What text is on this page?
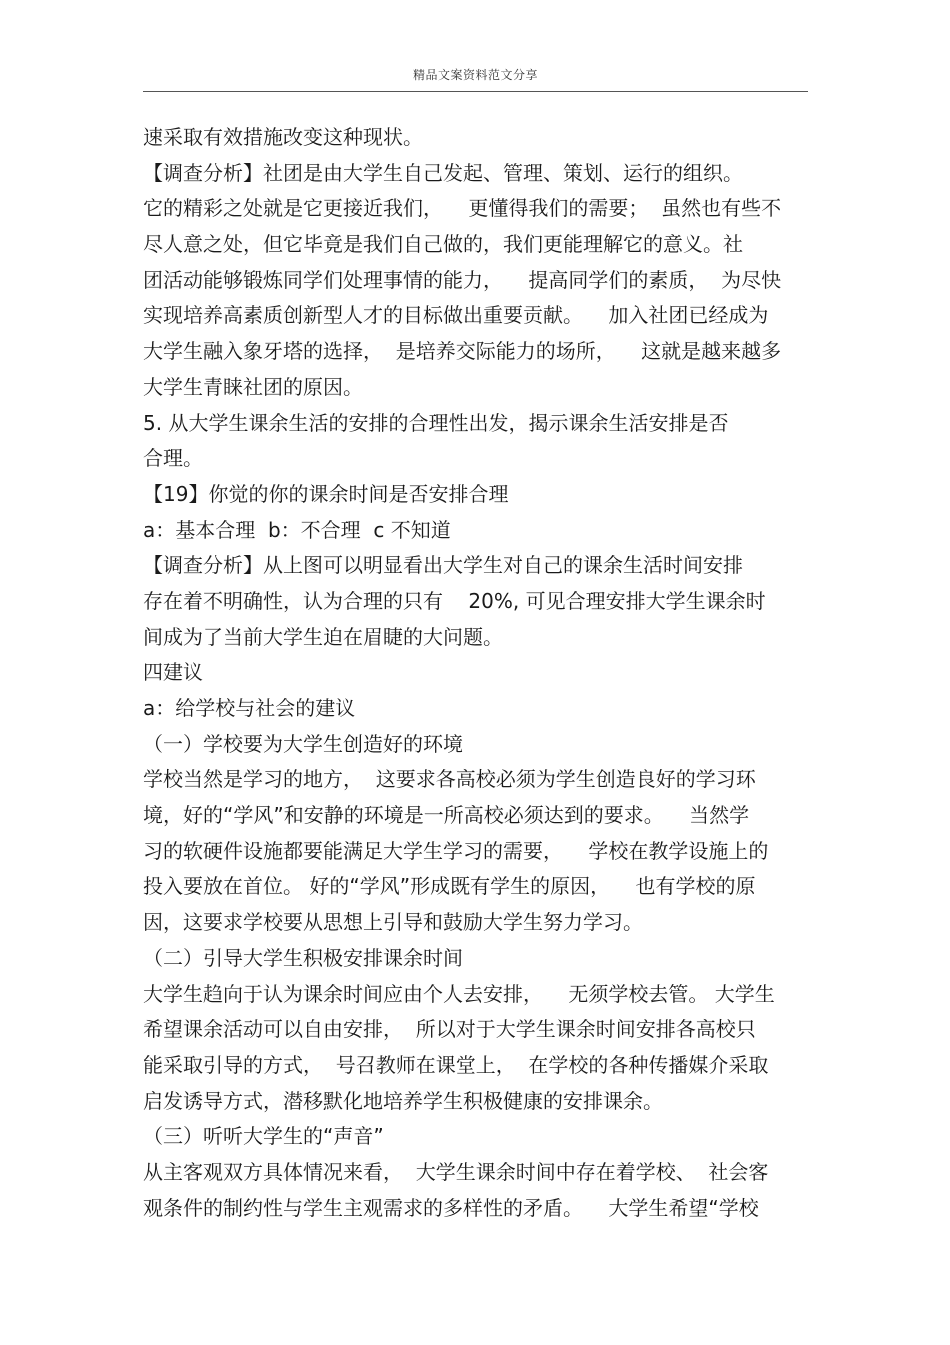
精品文案资料范文分享
速采取有效措施改变这种现状。
【调查分析】社团是由大学生自己发起、管理、策划、运行的组织。
它的精彩之处就是它更接近我们，    更懂得我们的需要；  虽然也有些不
尽人意之处，但它毕竟是我们自己做的，我们更能理解它的意义。社
团活动能够锻炼同学们处理事情的能力，    提高同学们的素质，  为尽快
实现培养高素质创新型人才的目标做出重要贡献。    加入社团已经成为
大学生融入象牙塔的选择，  是培养交际能力的场所，    这就是越来越多
大学生青睐社团的原因。
5. 从大学生课余生活的安排的合理性出发，揭示课余生活安排是否
合理。
【19】你觉的你的课余时间是否安排合理
a：基本合理  b：不合理  c 不知道
【调查分析】从上图可以明显看出大学生对自己的课余生活时间安排
存在着不明确性，认为合理的只有    20%, 可见合理安排大学生课余时
间成为了当前大学生迫在眉睫的大问题。
四建议
a：给学校与社会的建议
（一）学校要为大学生创造好的环境
学校当然是学习的地方，  这要求各高校必须为学生创造良好的学习环
境，好的“学风”和安静的环境是一所高校必须达到的要求。    当然学
习的软硬件设施都要能满足大学生学习的需要，    学校在教学设施上的
投入要放在首位。 好的“学风”形成既有学生的原因，    也有学校的原
因，这要求学校要从思想上引导和鼓励大学生努力学习。
（二）引导大学生积极安排课余时间
大学生趋向于认为课余时间应由个人去安排，    无须学校去管。 大学生
希望课余活动可以自由安排，  所以对于大学生课余时间安排各高校只
能采取引导的方式，  号召教师在课堂上，  在学校的各种传播媒介采取
启发诱导方式，潜移默化地培养学生积极健康的安排课余。
（三）听听大学生的“声音”
从主客观双方具体情况来看，  大学生课余时间中存在着学校、  社会客
观条件的制约性与学生主观需求的多样性的矛盾。    大学生希望“学校
